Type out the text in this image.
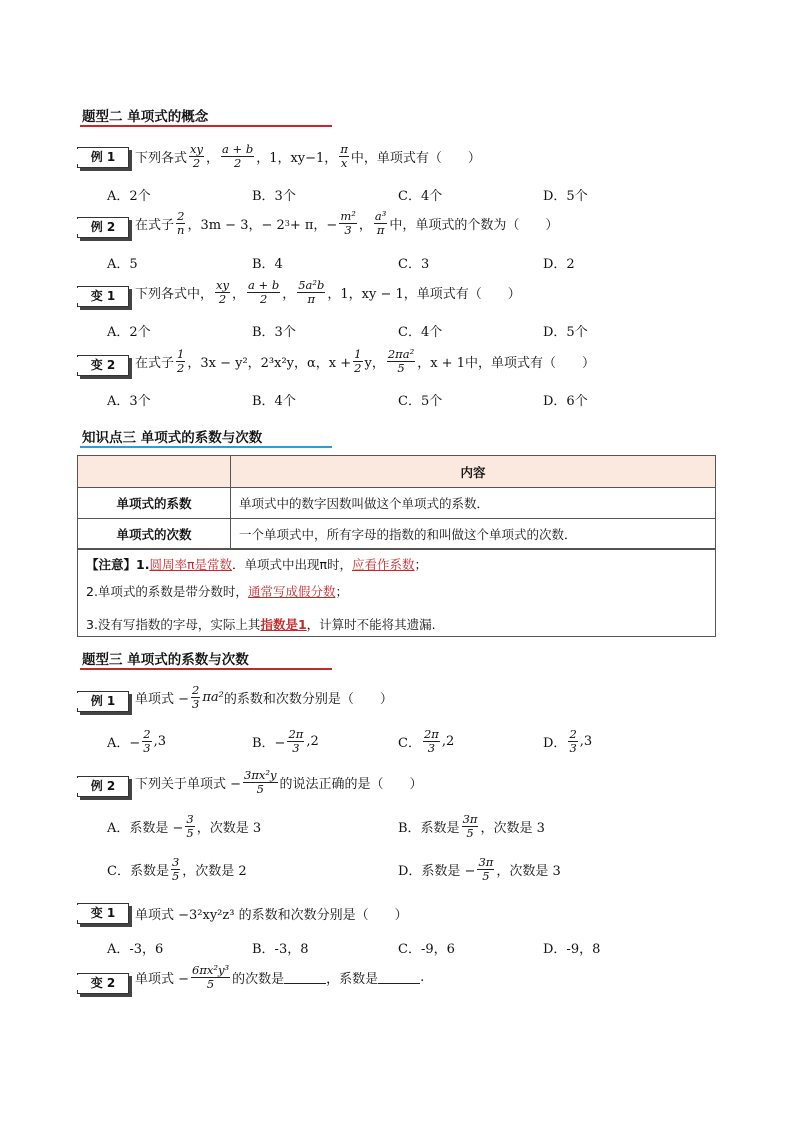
题型二 单项式的概念
例 1	下列各式
xy
2 ，
a + b
2 ，1，xy−1，
π
x 中，单项式有（　　）
A．2个	B．3个	C．4个	D．5个
例 2	在式子
2
n ，3m − 3，− 2 3 + π，− $\frac{\text{m²}}{3}$ ，
a³
π 中，单项式的个数为（　　）
A．5	B．4	C．3	D．2
变 1	下列各式中，
xy
2 ，
a + b
2 ，
5a²b
π ，1，xy − 1，单项式有（　　）
A．2个	B．3个	C．4个	D．5个
变 2	在式子
1
2 ，3x − y²，2³x²y，α，$x + \frac{1}{2}$ y，
2πa²
5 ，x + 1中，单项式有（　　）
A．3个	B．4个	C．5个	D．6个
知识点三 单项式的系数与次数
	内容
单项式的系数	单项式中的数字因数叫做这个单项式的系数．
单项式的次数	一个单项式中，所有字母的指数的和叫做这个单项式的次数．
【注意】1.圆周率π是常数．单项式中出现π时，应看作系数；
2.单项式的系数是带分数时，通常写成假分数；
3.没有写指数的字母，实际上其指数是1，计算时不能将其遗漏.
题型三 单项式的系数与次数
例 1	单项式 − $\frac{2}{3} \pi a^2$ 的系数和次数分别是（　　）
A．− $\frac{2}{3} ,3$	B．− $\frac{2\pi}{3} ,2$	C．
2π
3 ,2	D．
2
3 ,3
例 2	下列关于单项式 − $\frac{\text{3πx²y}}{5}$ 的说法正确的是（　　）
A．系数是 − $\frac{3}{5}$ ，次数是 3	B．系数是
3π
5 ，次数是 3
C．系数是
3
5 ，次数是 2	D．系数是 − $\frac{3\pi}{5}$ ，次数是 3
变 1	单项式 −3²xy²z³ 的系数和次数分别是（　　）
A．-3，6	B．-3，8	C．-9，6	D．-9，8
变 2	单项式 − $\frac{\text{6πx²y³}}{5}$ 的次数是	，系数是	.
